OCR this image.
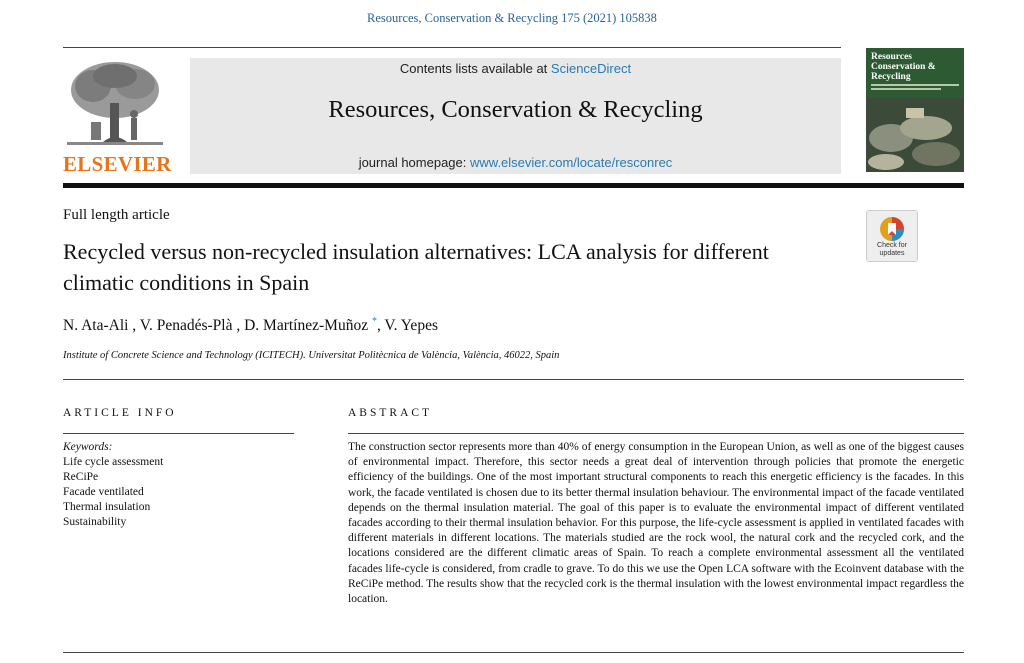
Resources, Conservation & Recycling 175 (2021) 105838
ELSEVIER
Contents lists available at ScienceDirect
Resources, Conservation & Recycling
journal homepage: www.elsevier.com/locate/resconrec
Resources Conservation & Recycling
Full length article
Check for updates
Recycled versus non-recycled insulation alternatives: LCA analysis for different climatic conditions in Spain
N. Ata-Ali , V. Penadés-Plà , D. Martínez-Muñoz *, V. Yepes
Institute of Concrete Science and Technology (ICITECH). Universitat Politècnica de València, València, 46022, Spain
ARTICLE INFO	ABSTRACT
Keywords:
Life cycle assessment
ReCiPe
Facade ventilated
Thermal insulation
Sustainability
The construction sector represents more than 40% of energy consumption in the European Union, as well as one of the biggest causes of environmental impact. Therefore, this sector needs a great deal of intervention through policies that promote the energetic efficiency of the buildings. One of the most important structural components to reach this energetic efficiency is the facades. In this work, the facade ventilated is chosen due to its better thermal insulation behaviour. The environmental impact of the facade ventilated depends on the thermal insulation material. The goal of this paper is to evaluate the environmental impact of different ventilated facades according to their thermal insulation behavior. For this purpose, the life-cycle assessment is applied in ventilated facades with different materials in different locations. The materials studied are the rock wool, the natural cork and the recycled cork, and the locations considered are the different climatic areas of Spain. To reach a complete environmental assessment all the ventilated facades life-cycle is considered, from cradle to grave. To do this we use the Open LCA software with the Ecoinvent database with the ReCiPe method. The results show that the recycled cork is the thermal insulation with the lowest environmental impact regardless the location.
